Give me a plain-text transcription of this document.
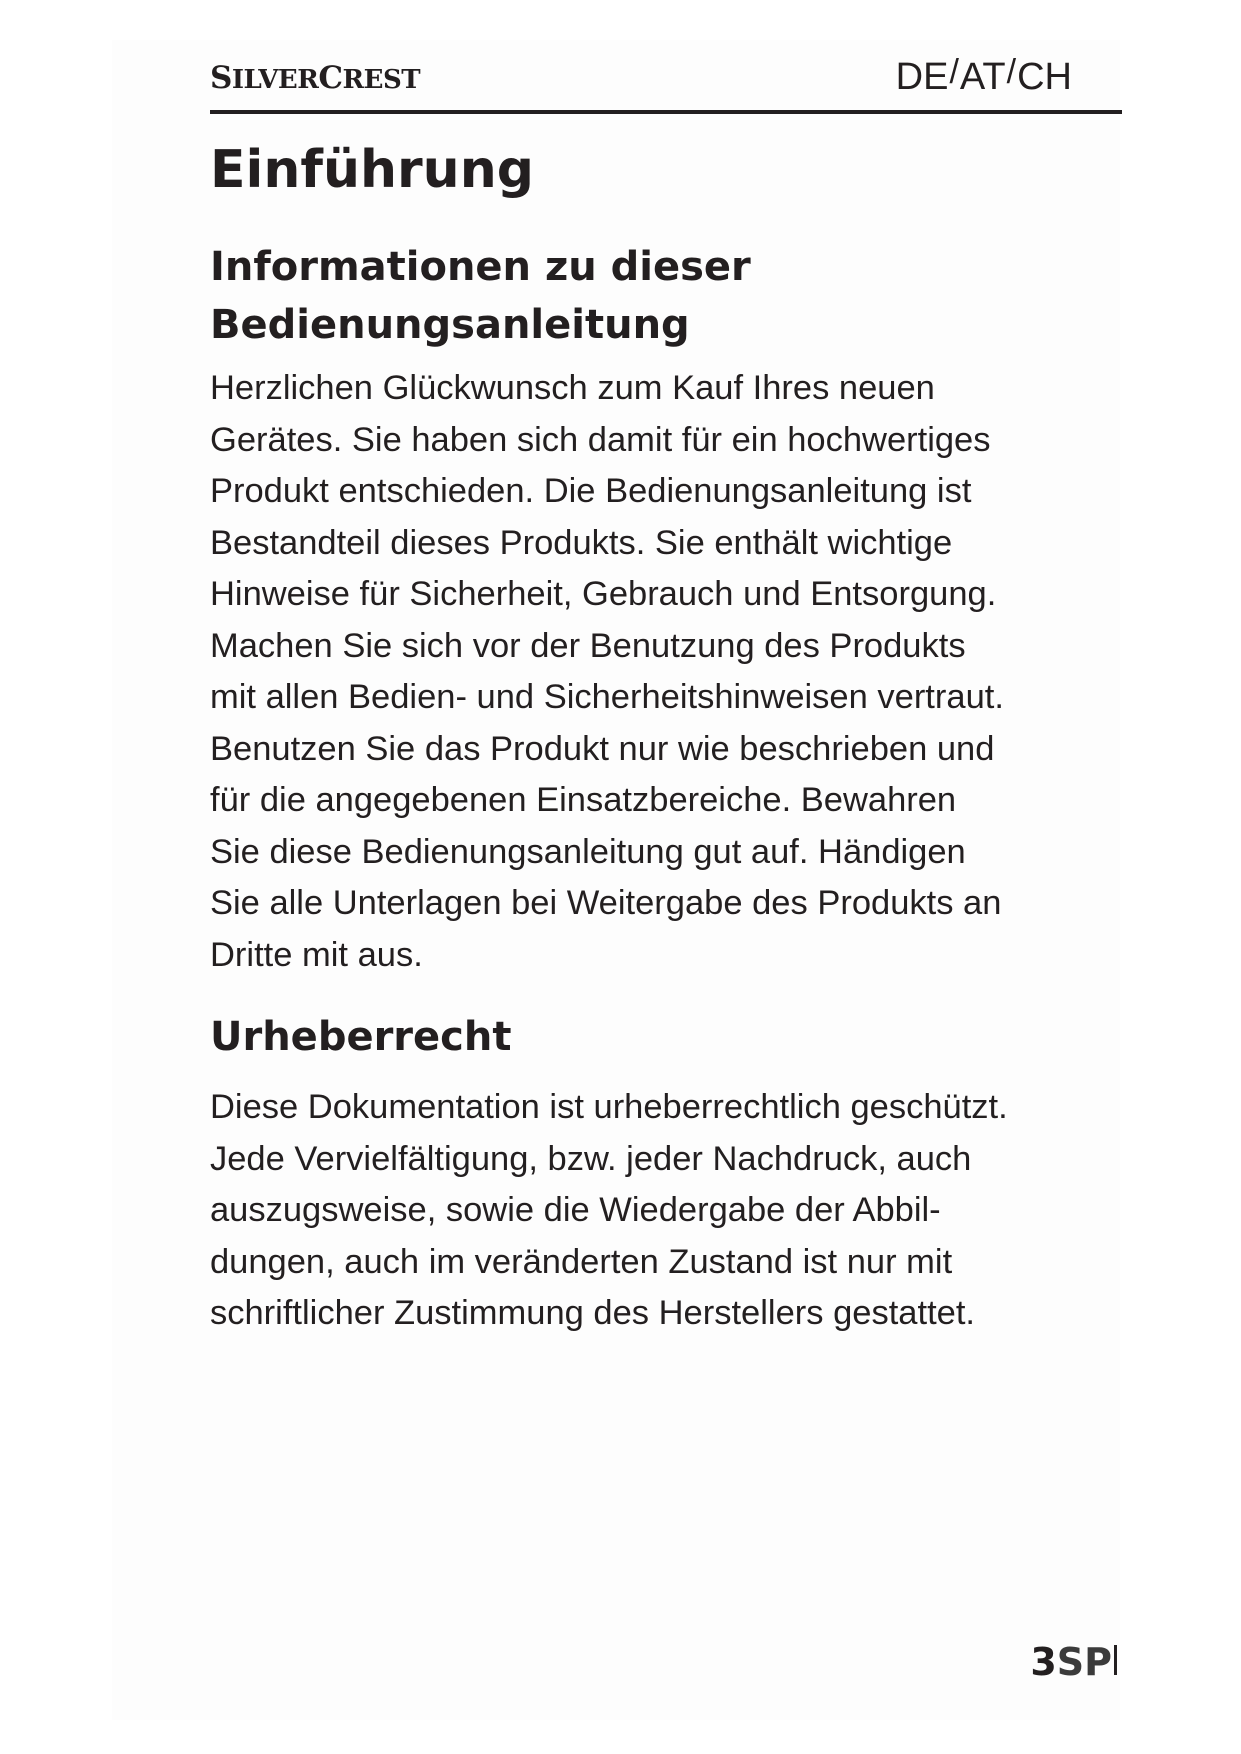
SILVERCREST	DE / AT / CH
Einführung
Informationen zu dieser
Bedienungsanleitung

Herzlichen Glückwunsch zum Kauf Ihres neuen
Gerätes. Sie haben sich damit für ein hochwertiges
Produkt entschieden. Die Bedienungsanleitung ist
Bestandteil dieses Produkts. Sie enthält wichtige
Hinweise für Sicherheit, Gebrauch und Entsorgung.
Machen Sie sich vor der Benutzung des Produkts
mit allen Bedien- und Sicherheitshinweisen vertraut.
Benutzen Sie das Produkt nur wie beschrieben und
für die angegebenen Einsatzbereiche. Bewahren
Sie diese Bedienungsanleitung gut auf. Händigen
Sie alle Unterlagen bei Weitergabe des Produkts an
Dritte mit aus.

Urheberrecht

Diese Dokumentation ist urheberrechtlich geschützt.
Jede Vervielfältigung, bzw. jeder Nachdruck, auch
auszugsweise, sowie die Wiedergabe der Abbil-
dungen, auch im veränderten Zustand ist nur mit
schriftlicher Zustimmung des Herstellers gestattet.

3SP
